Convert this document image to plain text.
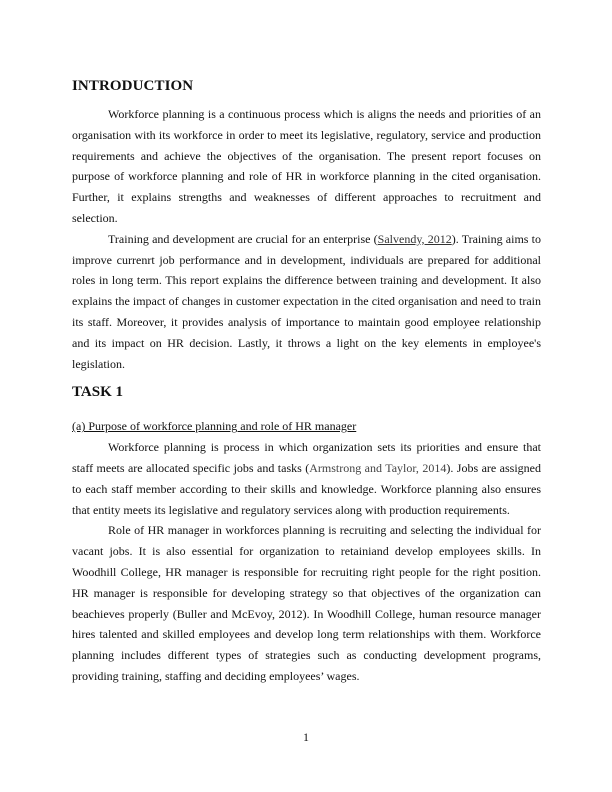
INTRODUCTION

Workforce planning is a continuous process which is aligns the needs and priorities of an organisation with its workforce in order to meet its legislative, regulatory, service and production requirements and achieve the objectives of the organisation. The present report focuses on purpose of workforce planning and role of HR in workforce planning in the cited organisation. Further, it explains strengths and weaknesses of different approaches to recruitment and selection.

Training and development are crucial for an enterprise (Salvendy, 2012). Training aims to improve currenrt job performance and in development, individuals are prepared for additional roles in long term. This report explains the difference between training and development. It also explains the impact of changes in customer expectation in the cited organisation and need to train its staff. Moreover, it provides analysis of importance to maintain good employee relationship and its impact on HR decision. Lastly, it throws a light on the key elements in employee's legislation.

TASK 1
(a) Purpose of workforce planning and role of HR manager

Workforce planning is process in which organization sets its priorities and ensure that staff meets are allocated specific jobs and tasks (Armstrong and Taylor, 2014). Jobs are assigned to each staff member according to their skills and knowledge. Workforce planning also ensures that entity meets its legislative and regulatory services along with production requirements.

Role of HR manager in workforces planning is recruiting and selecting the individual for vacant jobs. It is also essential for organization to retainiand develop employees skills. In Woodhill College, HR manager is responsible for recruiting right people for the right position. HR manager is responsible for developing strategy so that objectives of the organization can beachieves properly (Buller and McEvoy, 2012). In Woodhill College, human resource manager hires talented and skilled employees and develop long term relationships with them. Workforce planning includes different types of strategies such as conducting development programs, providing training, staffing and deciding employees’ wages.

1
